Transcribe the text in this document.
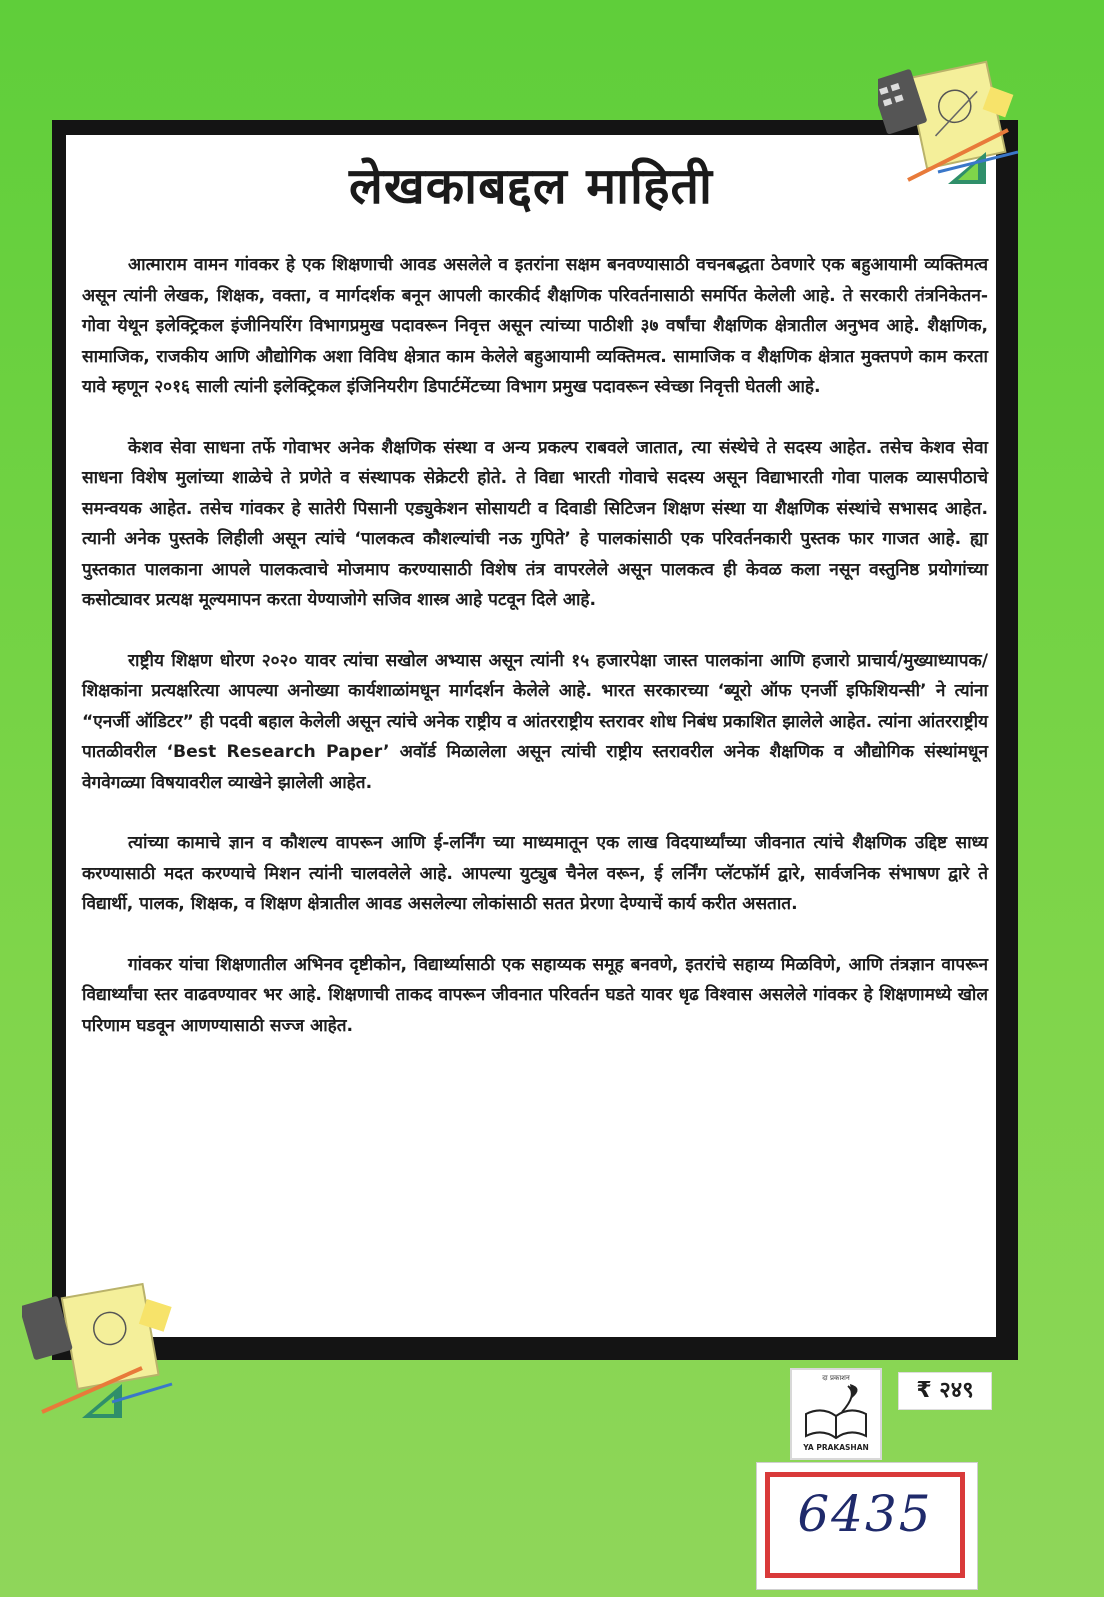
लेखकाबद्दल माहिती

आत्माराम वामन गांवकर हे एक शिक्षणाची आवड असलेले व इतरांना सक्षम बनवण्यासाठी वचनबद्धता ठेवणारे एक बहुआयामी व्यक्तिमत्व असून त्यांनी लेखक, शिक्षक, वक्ता, व मार्गदर्शक बनून आपली कारकीर्द शैक्षणिक परिवर्तनासाठी समर्पित केलेली आहे. ते सरकारी तंत्रनिकेतन-गोवा येथून इलेक्ट्रिकल इंजीनियरिंग विभागप्रमुख पदावरून निवृत्त असून त्यांच्या पाठीशी ३७ वर्षांचा शैक्षणिक क्षेत्रातील अनुभव आहे. शैक्षणिक, सामाजिक, राजकीय आणि औद्योगिक अशा विविध क्षेत्रात काम केलेले बहुआयामी व्यक्तिमत्व. सामाजिक व शैक्षणिक क्षेत्रात मुक्तपणे काम करता यावे म्हणून २०१६ साली त्यांनी इलेक्ट्रिकल इंजिनियरीग डिपार्टमेंटच्या विभाग प्रमुख पदावरून स्वेच्छा निवृत्ती घेतली आहे.

केशव सेवा साधना तर्फे गोवाभर अनेक शैक्षणिक संस्था व अन्य प्रकल्प राबवले जातात, त्या संस्थेचे ते सदस्य आहेत. तसेच केशव सेवा साधना विशेष मुलांच्या शाळेचे ते प्रणेते व संस्थापक सेक्रेटरी होते. ते विद्या भारती गोवाचे सदस्य असून विद्याभारती गोवा पालक व्यासपीठाचे समन्वयक आहेत. तसेच गांवकर हे सातेरी पिसानी एड्युकेशन सोसायटी व दिवाडी सिटिजन शिक्षण संस्था या शैक्षणिक संस्थांचे सभासद आहेत. त्यानी अनेक पुस्तके लिहीली असून त्यांचे ‘पालकत्व कौशल्यांची नऊ गुपिते’ हे पालकांसाठी एक परिवर्तनकारी पुस्तक फार गाजत आहे. ह्या पुस्तकात पालकाना आपले पालकत्वाचे मोजमाप करण्यासाठी विशेष तंत्र वापरलेले असून पालकत्व ही केवळ कला नसून वस्तुनिष्ठ प्रयोगांच्या कसोट्यावर प्रत्यक्ष मूल्यमापन करता येण्याजोगे सजिव शास्त्र आहे पटवून दिले आहे.

राष्ट्रीय शिक्षण धोरण २०२० यावर त्यांचा सखोल अभ्यास असून त्यांनी १५ हजारपेक्षा जास्त पालकांना आणि हजारो प्राचार्य/मुख्याध्यापक/शिक्षकांना प्रत्यक्षरित्या आपल्या अनोख्या कार्यशाळांमधून मार्गदर्शन केलेले आहे. भारत सरकारच्या ‘ब्यूरो ऑफ एनर्जी इफिशियन्सी’ ने त्यांना “एनर्जी ऑडिटर” ही पदवी बहाल केलेली असून त्यांचे अनेक राष्ट्रीय व आंतरराष्ट्रीय स्तरावर शोध निबंध प्रकाशित झालेले आहेत. त्यांना आंतरराष्ट्रीय पातळीवरील ‘Best Research Paper’ अवॉर्ड मिळालेला असून त्यांची राष्ट्रीय स्तरावरील अनेक शैक्षणिक व औद्योगिक संस्थांमधून वेगवेगळ्या विषयावरील व्याखेने झालेली आहेत.

त्यांच्या कामाचे ज्ञान व कौशल्य वापरून आणि ई-लर्निंग च्या माध्यमातून एक लाख विदयार्थ्यांच्या जीवनात त्यांचे शैक्षणिक उद्दिष्ट साध्य करण्यासाठी मदत करण्याचे मिशन त्यांनी चालवलेले आहे. आपल्या युट्युब चैनेल वरून, ई लर्निंग प्लॅटफॉर्म द्वारे, सार्वजनिक संभाषण द्वारे ते विद्यार्थी, पालक, शिक्षक, व शिक्षण क्षेत्रातील आवड असलेल्या लोकांसाठी सतत प्रेरणा देण्याचें कार्य करीत असतात.

गांवकर यांचा शिक्षणातील अभिनव दृष्टीकोन, विद्यार्थ्यासाठी एक सहाय्यक समूह बनवणे, इतरांचे सहाय्य मिळविणे, आणि तंत्रज्ञान वापरून विद्यार्थ्यांचा स्तर वाढवण्यावर भर आहे. शिक्षणाची ताकद वापरून जीवनात परिवर्तन घडते यावर धृढ विश्वास असलेले गांवकर हे शिक्षणामध्ये खोल परिणाम घडवून आणण्यासाठी सज्ज आहेत.

दा प्रकाशन
YA PRAKASHAN
₹ २४९
6435
